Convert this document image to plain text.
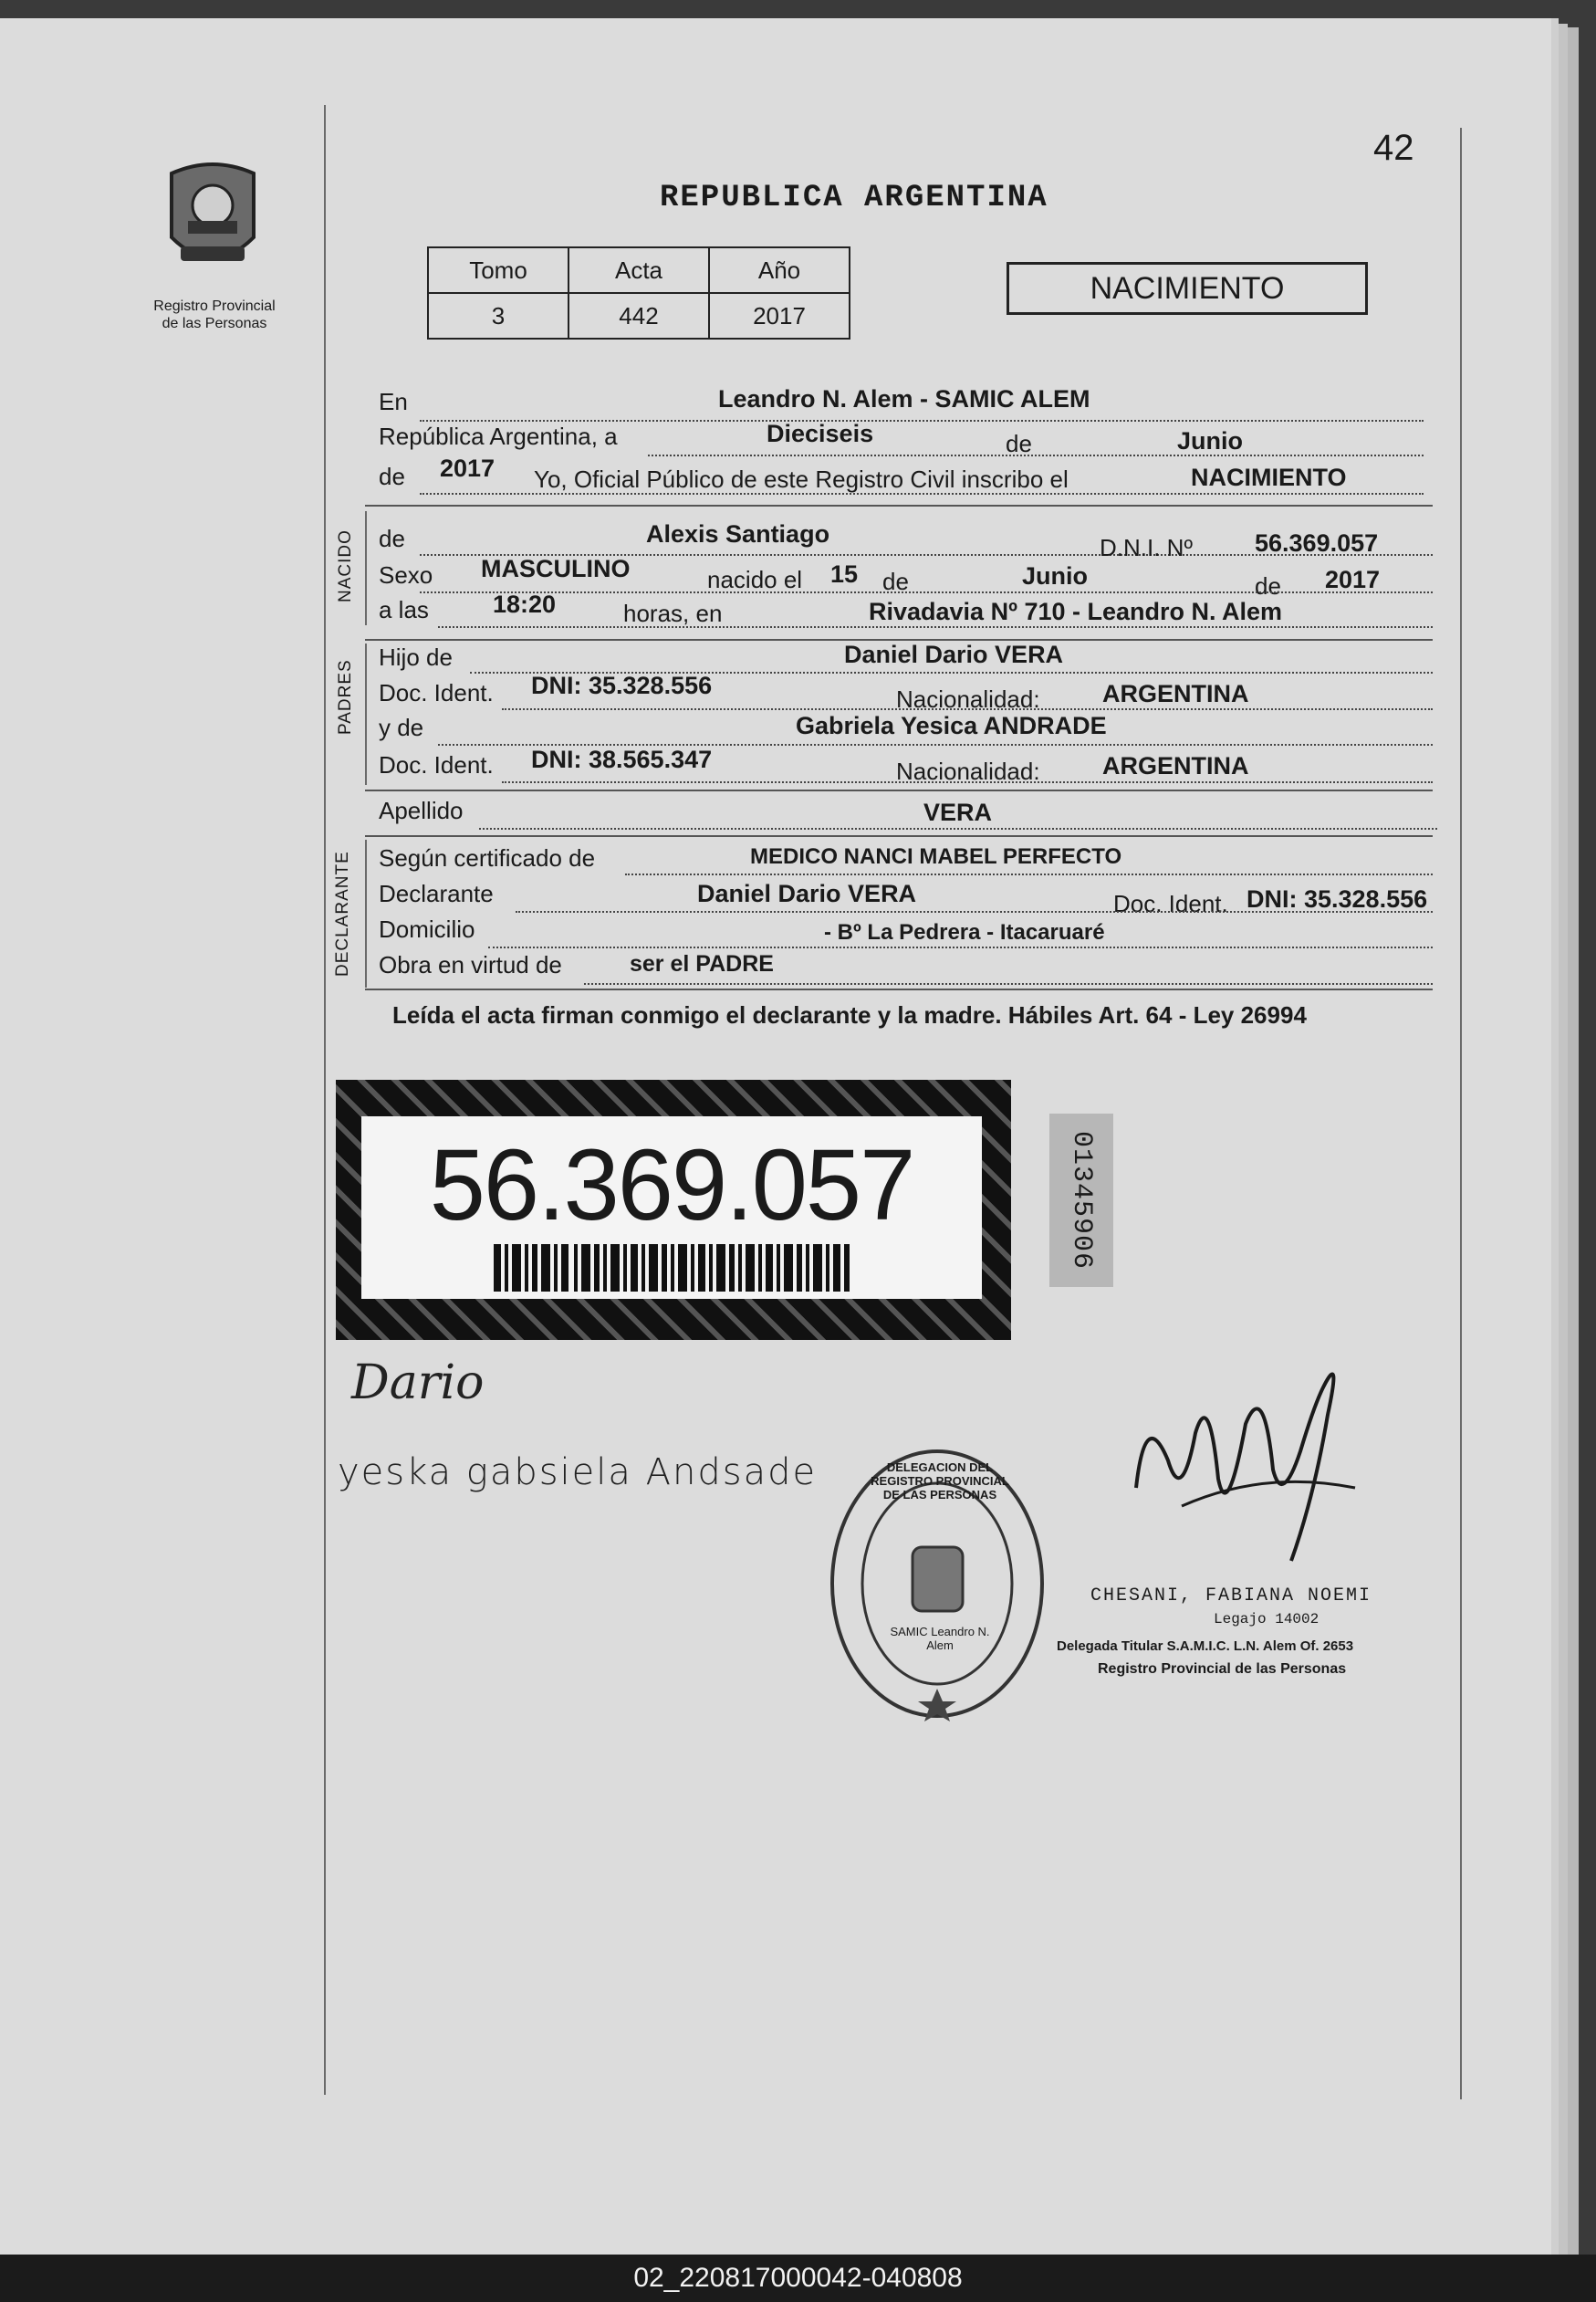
Registro Provincial
de las Personas
42
REPUBLICA ARGENTINA
Tomo	Acta	Año
3	442	2017
NACIMIENTO
En	Leandro N. Alem - SAMIC ALEM
República Argentina, a	Dieciseis	de	Junio
de 2017 Yo, Oficial Público de este Registro Civil inscribo el	NACIMIENTO
NACIDO de	Alexis Santiago	D.N.I. Nº	56.369.057
Sexo MASCULINO	nacido el 15 de	Junio	de 2017
a las	18:20	horas, en	Rivadavia Nº 710 - Leandro N. Alem
PADRES
Hijo de	Daniel Dario VERA
Doc. Ident. DNI: 35.328.556	Nacionalidad:	ARGENTINA
y de	Gabriela Yesica ANDRADE
Doc. Ident. DNI: 38.565.347	Nacionalidad:	ARGENTINA
Apellido	VERA
DECLARANTE Según certificado de	MEDICO NANCI MABEL PERFECTO
Declarante	Daniel Dario VERA	Doc. Ident. DNI: 35.328.556
Domicilio	- Bº La Pedrera - Itacaruaré
Obra en virtud de	ser el PADRE
Leída el acta firman conmigo el declarante y la madre. Hábiles Art. 64 - Ley 26994
56.369.057	01345906
Dario
yeska gabsiela Andsade	DELEGACION DEL REGISTRO PROVINCIAL DE LAS PERSONAS
SAMIC Leandro N. Alem
CHESANI, FABIANA NOEMI
Legajo 14002
Delegada Titular S.A.M.I.C. L.N. Alem Of. 2653
Registro Provincial de las Personas
02_220817000042-040808
